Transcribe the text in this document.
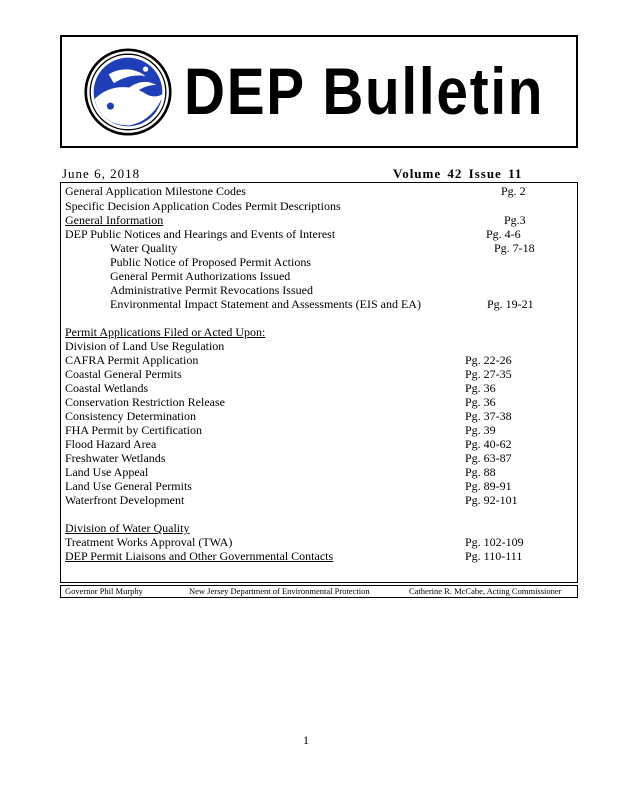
DEP Bulletin
June 6, 2018	Volume 42 Issue 11
General Application Milestone Codes	Pg. 2
Specific Decision Application Codes Permit Descriptions
General Information	Pg.3
DEP Public Notices and Hearings and Events of Interest	Pg. 4-6
Water Quality	Pg. 7-18
Public Notice of Proposed Permit Actions
General Permit Authorizations Issued
Administrative Permit Revocations Issued
Environmental Impact Statement and Assessments (EIS and EA)	Pg. 19-21
Permit Applications Filed or Acted Upon:
Division of Land Use Regulation
CAFRA Permit Application	Pg. 22-26
Coastal General Permits	Pg. 27-35
Coastal Wetlands	Pg. 36
Conservation Restriction Release	Pg. 36
Consistency Determination	Pg. 37-38
FHA Permit by Certification	Pg. 39
Flood Hazard Area	Pg. 40-62
Freshwater Wetlands	Pg. 63-87
Land Use Appeal	Pg. 88
Land Use General Permits	Pg. 89-91
Waterfront Development	Pg. 92-101
Division of Water Quality
Treatment Works Approval (TWA)	Pg. 102-109
DEP Permit Liaisons and Other Governmental Contacts	Pg. 110-111
Governor Phil Murphy	New Jersey Department of Environmental Protection	Catherine R. McCabe, Acting Commissioner
1
